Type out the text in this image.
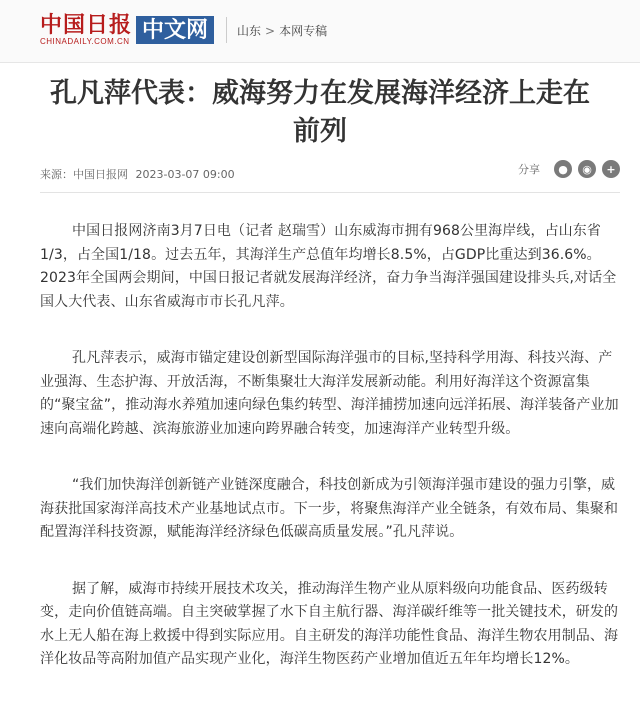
中国日报
CHINADAILY.COM.CN 中文网	山东 > 本网专稿
孔凡萍代表：威海努力在发展海洋经济上走在前列
来源：中国日报网 2023-03-07 09:00	分享	●	◉	+

中国日报网济南3月7日电（记者 赵瑞雪）山东威海市拥有968公里海岸线，占山东省1/3，占全国1/18。过去五年，其海洋生产总值年均增长8.5%，占GDP比重达到36.6%。2023年全国两会期间，中国日报记者就发展海洋经济，奋力争当海洋强国建设排头兵,对话全国人大代表、山东省威海市市长孔凡萍。

孔凡萍表示，威海市锚定建设创新型国际海洋强市的目标,坚持科学用海、科技兴海、产业强海、生态护海、开放活海，不断集聚壮大海洋发展新动能。利用好海洋这个资源富集的“聚宝盆”，推动海水养殖加速向绿色集约转型、海洋捕捞加速向远洋拓展、海洋装备产业加速向高端化跨越、滨海旅游业加速向跨界融合转变，加速海洋产业转型升级。

“我们加快海洋创新链产业链深度融合，科技创新成为引领海洋强市建设的强力引擎，威海获批国家海洋高技术产业基地试点市。下一步，将聚焦海洋产业全链条，有效布局、集聚和配置海洋科技资源，赋能海洋经济绿色低碳高质量发展。”孔凡萍说。

据了解，威海市持续开展技术攻关，推动海洋生物产业从原料级向功能食品、医药级转变，走向价值链高端。自主突破掌握了水下自主航行器、海洋碳纤维等一批关键技术，研发的水上无人船在海上救援中得到实际应用。自主研发的海洋功能性食品、海洋生物农用制品、海洋化妆品等高附加值产品实现产业化，海洋生物医药产业增加值近五年年均增长12%。
